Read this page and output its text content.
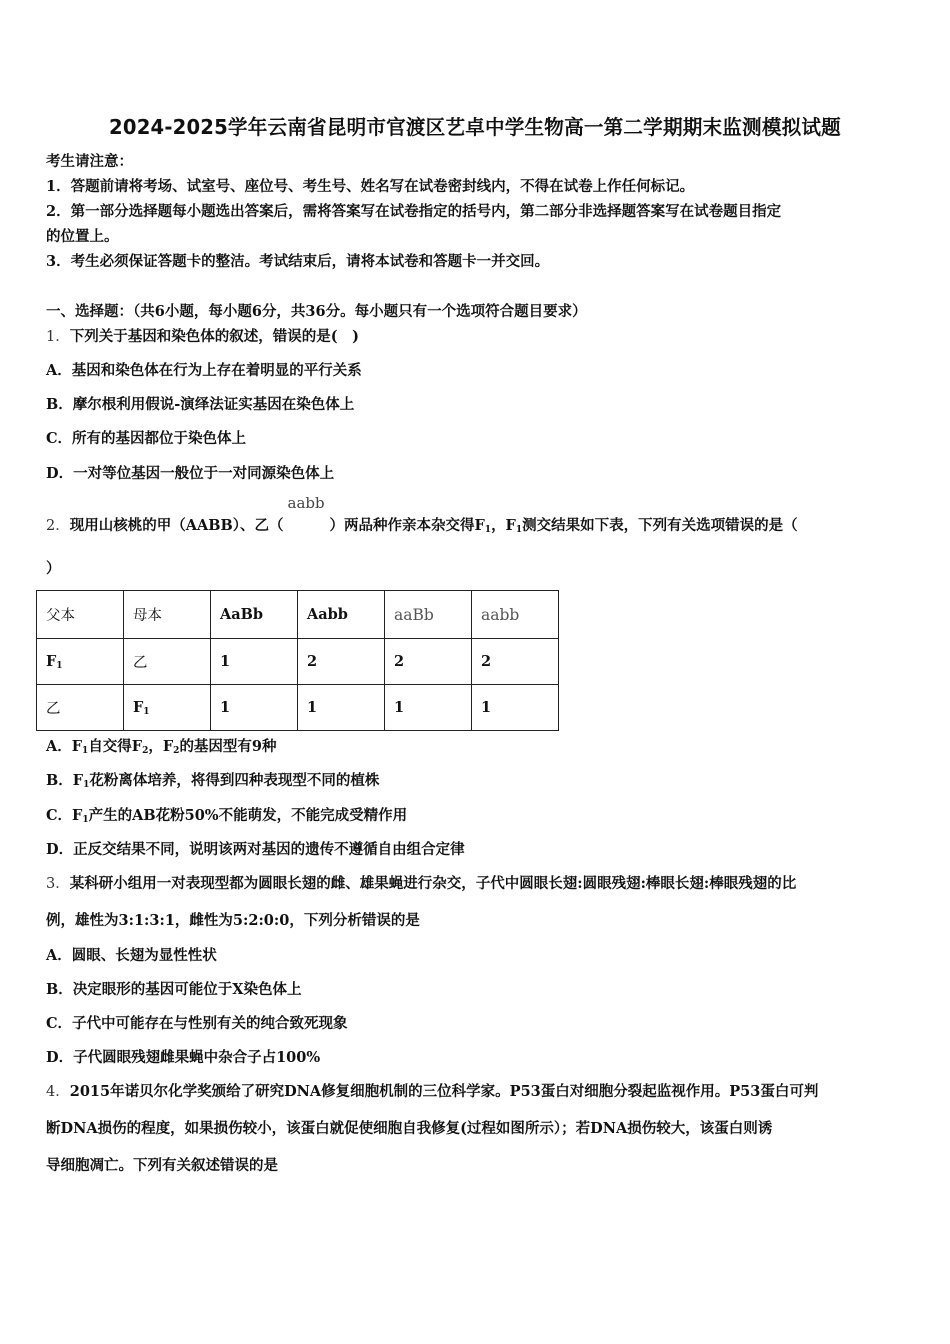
2024-2025学年云南省昆明市官渡区艺卓中学生物高一第二学期期末监测模拟试题
考生请注意：
1．答题前请将考场、试室号、座位号、考生号、姓名写在试卷密封线内，不得在试卷上作任何标记。
2．第一部分选择题每小题选出答案后，需将答案写在试卷指定的括号内，第二部分非选择题答案写在试卷题目指定
的位置上。
3．考生必须保证答题卡的整洁。考试结束后，请将本试卷和答题卡一并交回。
一、选择题：（共6小题，每小题6分，共36分。每小题只有一个选项符合题目要求）
1．下列关于基因和染色体的叙述，错误的是(　)
A．基因和染色体在行为上存在着明显的平行关系
B．摩尔根利用假说-演绎法证实基因在染色体上
C．所有的基因都位于染色体上
D．一对等位基因一般位于一对同源染色体上
2．现用山核桃的甲（AABB）、乙（
aabb
）两品种作亲本杂交得$F_1$，$F_1$测交结果如下表，下列有关选项错误的是（
）
父本	母本	AaBb	Aabb	aaBb	aabb
$F_1$	乙	1	2	2	2
乙	$F_1$	1	1	1	1
A．$F_1$自交得$F_2$，$F_2$的基因型有9种
B．$F_1$花粉离体培养，将得到四种表现型不同的植株
C．$F_1$产生的AB花粉50%不能萌发，不能完成受精作用
D．正反交结果不同，说明该两对基因的遗传不遵循自由组合定律
3．某科研小组用一对表现型都为圆眼长翅的雌、雄果蝇进行杂交，子代中圆眼长翅:圆眼残翅:棒眼长翅:棒眼残翅的比
例，雄性为3:1:3:1，雌性为5:2:0:0，下列分析错误的是
A．圆眼、长翅为显性性状
B．决定眼形的基因可能位于X染色体上
C．子代中可能存在与性别有关的纯合致死现象
D．子代圆眼残翅雌果蝇中杂合子占100%
4．2015年诺贝尔化学奖颁给了研究DNA修复细胞机制的三位科学家。P53蛋白对细胞分裂起监视作用。P53蛋白可判
断DNA损伤的程度，如果损伤较小，该蛋白就促使细胞自我修复(过程如图所示）；若DNA损伤较大，该蛋白则诱
导细胞凋亡。下列有关叙述错误的是
